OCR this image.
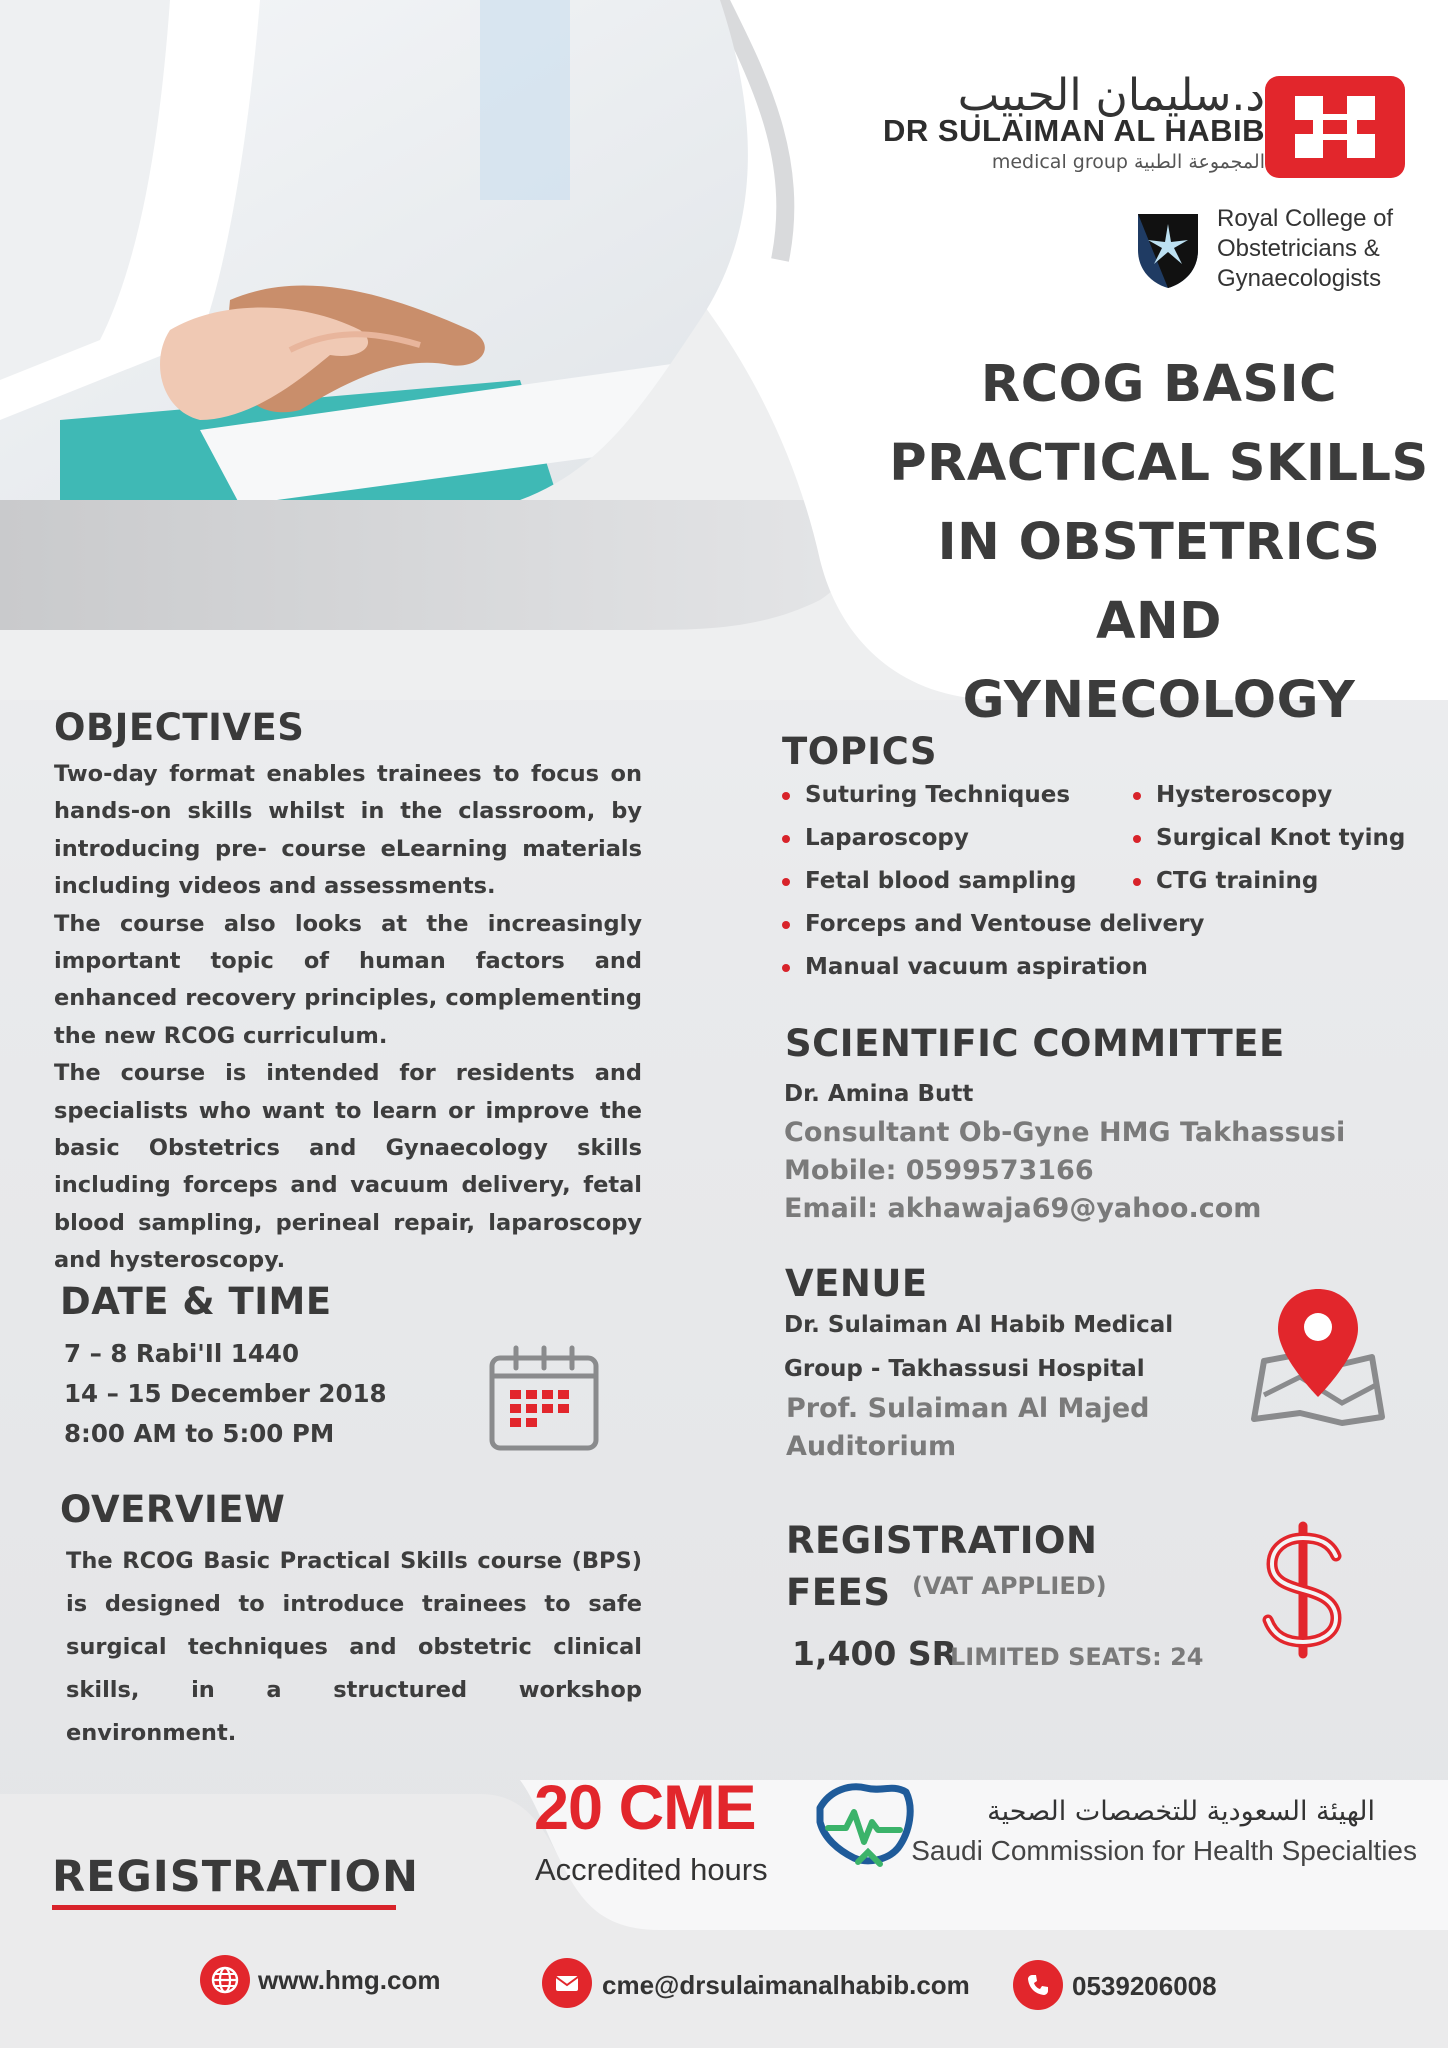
د.سليمان الحبيب
DR SULAIMAN AL HABIB
medical group المجموعة الطبية
Royal College of
Obstetricians &
Gynaecologists
RCOG BASIC
PRACTICAL SKILLS
IN OBSTETRICS AND
GYNECOLOGY
OBJECTIVES

Two-day format enables trainees to focus on hands-on skills whilst in the classroom, by introducing pre- course eLearning materials including videos and assessments.

The course also looks at the increasingly important topic of human factors and enhanced recovery principles, complementing the new RCOG curriculum.

The course is intended for residents and specialists who want to learn or improve the basic Obstetrics and Gynaecology skills including forceps and vacuum delivery, fetal blood sampling, perineal repair, laparoscopy and hysteroscopy.

TOPICS
Suturing Techniques
Laparoscopy
Fetal blood sampling
Forceps and Ventouse delivery
Manual vacuum aspiration
Hysteroscopy
Surgical Knot tying
CTG training
SCIENTIFIC COMMITTEE
Dr. Amina Butt
Consultant Ob-Gyne HMG Takhassusi
Mobile: 0599573166
Email: akhawaja69@yahoo.com
DATE & TIME
7 – 8 Rabi'Il 1440
14 – 15 December 2018
8:00 AM to 5:00 PM
VENUE
Dr. Sulaiman Al Habib Medical
Group - Takhassusi Hospital
Prof. Sulaiman Al Majed
Auditorium
OVERVIEW
The RCOG Basic Practical Skills course (BPS) is designed to introduce trainees to safe surgical techniques and obstetric clinical skills, in a structured workshop environment.
REGISTRATION
FEES (VAT APPLIED)
1,400 SR
LIMITED SEATS: 24
20 CME
Accredited hours
الهيئة السعودية للتخصصات الصحية
Saudi Commission for Health Specialties
REGISTRATION
www.hmg.com	cme@drsulaimanalhabib.com	0539206008
